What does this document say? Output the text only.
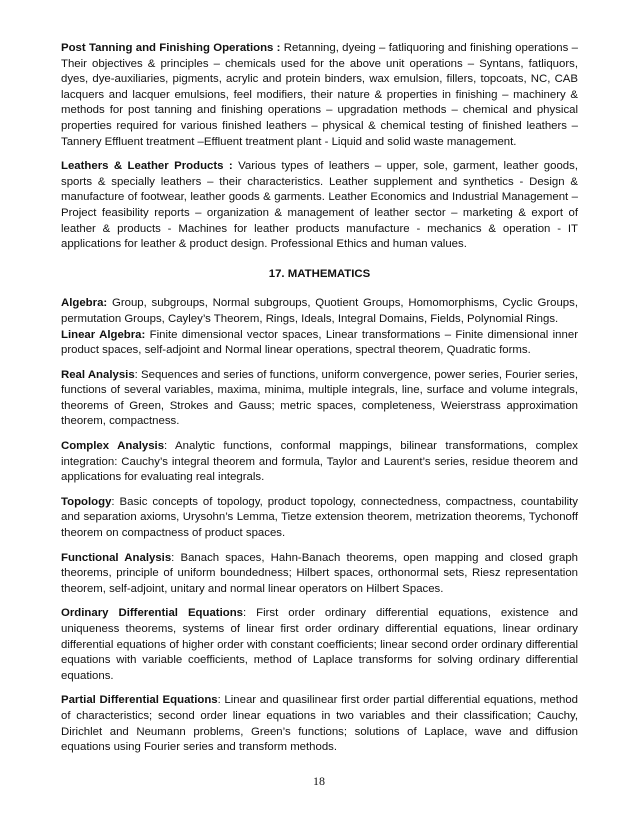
Post Tanning and Finishing Operations : Retanning, dyeing – fatliquoring and finishing operations – Their objectives & principles – chemicals used for the above unit operations – Syntans, fatliquors, dyes, dye-auxiliaries, pigments, acrylic and protein binders, wax emulsion, fillers, topcoats, NC, CAB lacquers and lacquer emulsions, feel modifiers, their nature & properties in finishing – machinery & methods for post tanning and finishing operations – upgradation methods – chemical and physical properties required for various finished leathers – physical & chemical testing of finished leathers – Tannery Effluent treatment –Effluent treatment plant - Liquid and solid waste management.

Leathers & Leather Products : Various types of leathers – upper, sole, garment, leather goods, sports & specially leathers – their characteristics. Leather supplement and synthetics - Design & manufacture of footwear, leather goods & garments. Leather Economics and Industrial Management – Project feasibility reports – organization & management of leather sector – marketing & export of leather & products - Machines for leather products manufacture - mechanics & operation - IT applications for leather & product design. Professional Ethics and human values.

17. MATHEMATICS

Algebra: Group, subgroups, Normal subgroups, Quotient Groups, Homomorphisms, Cyclic Groups, permutation Groups, Cayley’s Theorem, Rings, Ideals, Integral Domains, Fields, Polynomial Rings.

Linear Algebra: Finite dimensional vector spaces, Linear transformations – Finite dimensional inner product spaces, self-adjoint and Normal linear operations, spectral theorem, Quadratic forms.

Real Analysis: Sequences and series of functions, uniform convergence, power series, Fourier series, functions of several variables, maxima, minima, multiple integrals, line, surface and volume integrals, theorems of Green, Strokes and Gauss; metric spaces, completeness, Weierstrass approximation theorem, compactness.

Complex Analysis: Analytic functions, conformal mappings, bilinear transformations, complex integration: Cauchy’s integral theorem and formula, Taylor and Laurent’s series, residue theorem and applications for evaluating real integrals.

Topology: Basic concepts of topology, product topology, connectedness, compactness, countability and separation axioms, Urysohn’s Lemma, Tietze extension theorem, metrization theorems, Tychonoff theorem on compactness of product spaces.

Functional Analysis: Banach spaces, Hahn-Banach theorems, open mapping and closed graph theorems, principle of uniform boundedness; Hilbert spaces, orthonormal sets, Riesz representation theorem, self-adjoint, unitary and normal linear operators on Hilbert Spaces.

Ordinary Differential Equations: First order ordinary differential equations, existence and uniqueness theorems, systems of linear first order ordinary differential equations, linear ordinary differential equations of higher order with constant coefficients; linear second order ordinary differential equations with variable coefficients, method of Laplace transforms for solving ordinary differential equations.

Partial Differential Equations: Linear and quasilinear first order partial differential equations, method of characteristics; second order linear equations in two variables and their classification; Cauchy, Dirichlet and Neumann problems, Green’s functions; solutions of Laplace, wave and diffusion equations using Fourier series and transform methods.

18
